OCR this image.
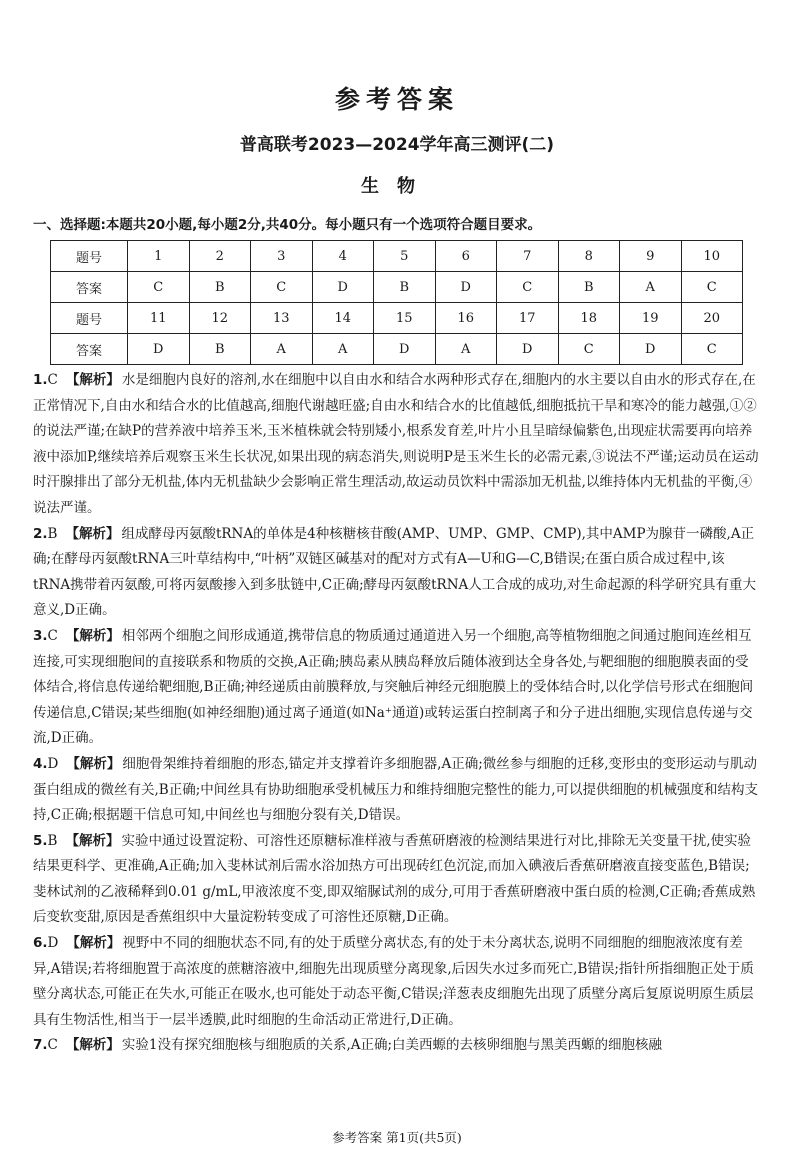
参考答案
普高联考2023—2024学年高三测评(二)
生物
一、选择题:本题共20小题,每小题2分,共40分。每小题只有一个选项符合题目要求。
题号	1	2	3	4	5	6	7	8	9	10
答案	C	B	C	D	B	D	C	B	A	C
题号	11	12	13	14	15	16	17	18	19	20
答案	D	B	A	A	D	A	D	C	D	C
1.C 【解析】 水是细胞内良好的溶剂,水在细胞中以自由水和结合水两种形式存在,细胞内的水主要以自由水的形式存在,在正常情况下,自由水和结合水的比值越高,细胞代谢越旺盛;自由水和结合水的比值越低,细胞抵抗干旱和寒冷的能力越强,①②的说法严谨;在缺P的营养液中培养玉米,玉米植株就会特别矮小,根系发育差,叶片小且呈暗绿偏紫色,出现症状需要再向培养液中添加P,继续培养后观察玉米生长状况,如果出现的病态消失,则说明P是玉米生长的必需元素,③说法不严谨;运动员在运动时汗腺排出了部分无机盐,体内无机盐缺少会影响正常生理活动,故运动员饮料中需添加无机盐,以维持体内无机盐的平衡,④说法严谨。
2.B 【解析】 组成酵母丙氨酸tRNA的单体是4种核糖核苷酸(AMP、UMP、GMP、CMP),其中AMP为腺苷一磷酸,A正确;在酵母丙氨酸tRNA三叶草结构中,“叶柄”双链区碱基对的配对方式有A—U和G—C,B错误;在蛋白质合成过程中,该tRNA携带着丙氨酸,可将丙氨酸掺入到多肽链中,C正确;酵母丙氨酸tRNA人工合成的成功,对生命起源的科学研究具有重大意义,D正确。
3.C 【解析】 相邻两个细胞之间形成通道,携带信息的物质通过通道进入另一个细胞,高等植物细胞之间通过胞间连丝相互连接,可实现细胞间的直接联系和物质的交换,A正确;胰岛素从胰岛释放后随体液到达全身各处,与靶细胞的细胞膜表面的受体结合,将信息传递给靶细胞,B正确;神经递质由前膜释放,与突触后神经元细胞膜上的受体结合时,以化学信号形式在细胞间传递信息,C错误;某些细胞(如神经细胞)通过离子通道(如Na⁺通道)或转运蛋白控制离子和分子进出细胞,实现信息传递与交流,D正确。
4.D 【解析】 细胞骨架维持着细胞的形态,锚定并支撑着许多细胞器,A正确;微丝参与细胞的迁移,变形虫的变形运动与肌动蛋白组成的微丝有关,B正确;中间丝具有协助细胞承受机械压力和维持细胞完整性的能力,可以提供细胞的机械强度和结构支持,C正确;根据题干信息可知,中间丝也与细胞分裂有关,D错误。
5.B 【解析】 实验中通过设置淀粉、可溶性还原糖标准样液与香蕉研磨液的检测结果进行对比,排除无关变量干扰,使实验结果更科学、更准确,A正确;加入斐林试剂后需水浴加热方可出现砖红色沉淀,而加入碘液后香蕉研磨液直接变蓝色,B错误;斐林试剂的乙液稀释到0.01 g/mL,甲液浓度不变,即双缩脲试剂的成分,可用于香蕉研磨液中蛋白质的检测,C正确;香蕉成熟后变软变甜,原因是香蕉组织中大量淀粉转变成了可溶性还原糖,D正确。
6.D 【解析】 视野中不同的细胞状态不同,有的处于质壁分离状态,有的处于未分离状态,说明不同细胞的细胞液浓度有差异,A错误;若将细胞置于高浓度的蔗糖溶液中,细胞先出现质壁分离现象,后因失水过多而死亡,B错误;指针所指细胞正处于质壁分离状态,可能正在失水,可能正在吸水,也可能处于动态平衡,C错误;洋葱表皮细胞先出现了质壁分离后复原说明原生质层具有生物活性,相当于一层半透膜,此时细胞的生命活动正常进行,D正确。
7.C 【解析】 实验1没有探究细胞核与细胞质的关系,A正确;白美西螈的去核卵细胞与黑美西螈的细胞核融
参考答案 第1页(共5页)
